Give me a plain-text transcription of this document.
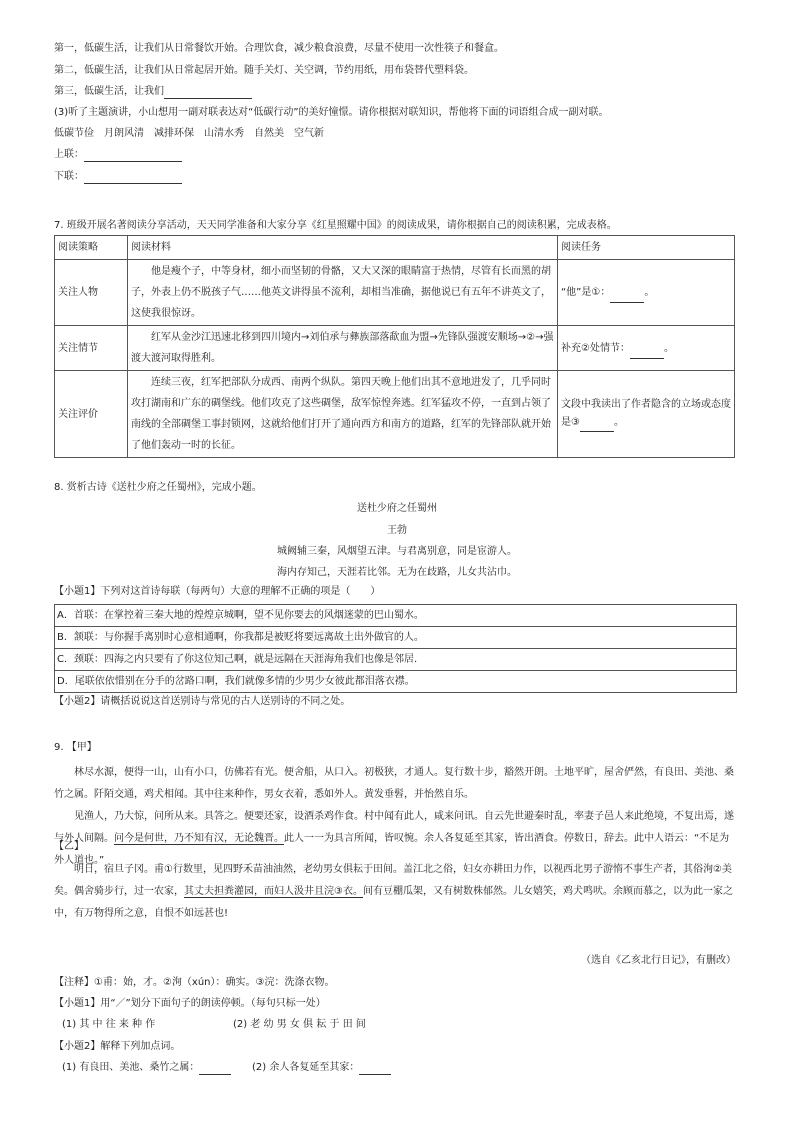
第一，低碳生活，让我们从日常餐饮开始。合理饮食，减少粮食浪费，尽量不使用一次性筷子和餐盒。
第二，低碳生活，让我们从日常起居开始。随手关灯、关空调，节约用纸，用布袋替代塑料袋。
第三，低碳生活，让我们
(3)听了主题演讲，小山想用一副对联表达对“低碳行动”的美好憧憬。请你根据对联知识，帮他将下面的词语组合成一副对联。
低碳节俭　月朗风清　减排环保　山清水秀　自然美　空气新
上联：
下联：
7. 班级开展名著阅读分享活动，天天同学准备和大家分享《红星照耀中国》的阅读成果，请你根据自己的阅读积累，完成表格。
阅读策略	阅读材料	阅读任务
关注人物	他是瘦个子，中等身材，细小而坚韧的骨骼，又大又深的眼睛富于热情，尽管有长而黑的胡子，外表上仍不脱孩子气……他英文讲得虽不流利，却相当准确，据他说已有五年不讲英文了，这使我很惊讶。	“他”是①： 。
关注情节	红军从金沙江迅速北移到四川境内→刘伯承与彝族部落歃血为盟→先锋队强渡安顺场→②→强渡大渡河取得胜利。	补充②处情节： 。
关注评价	连续三夜，红军把部队分成西、南两个纵队。第四天晚上他们出其不意地进发了，几乎同时攻打湖南和广东的碉堡线。他们攻克了这些碉堡，敌军惊惶奔逃。红军猛攻不停，一直到占领了南线的全部碉堡工事封锁网，这就给他们打开了通向西方和南方的道路，红军的先锋部队就开始了他们轰动一时的长征。	文段中我读出了作者隐含的立场或态度是③ 。
8. 赏析古诗《送杜少府之任蜀州》，完成小题。
送杜少府之任蜀州
王勃
城阙辅三秦，风烟望五津。与君离别意，同是宦游人。
海内存知己，天涯若比邻。无为在歧路，儿女共沾巾。
【小题1】下列对这首诗每联（每两句）大意的理解不正确的项是（　　）
A．首联：在掌控着三秦大地的煌煌京城啊，望不见你要去的风烟迷蒙的巴山蜀水。
B．颔联：与你握手离别时心意相通啊，你我都是被贬将要远离故土出外做官的人。
C．颈联：四海之内只要有了你这位知己啊，就是远隔在天涯海角我们也像是邻居.
D．尾联依依惜别在分手的岔路口啊，我们就像多情的少男少女彼此都泪落衣襟。
【小题2】请概括说说这首送别诗与常见的古人送别诗的不同之处。
9. 【甲】
林尽水源，便得一山，山有小口，仿佛若有光。便舍船，从口入。初极狭，才通人。复行数十步，豁然开朗。土地平旷，屋舍俨然，有良田、美池、桑竹之属。阡陌交通，鸡犬相闻。其中往来种作，男女衣着，悉如外人。黄发垂髫，并怡然自乐。
见渔人，乃大惊，问所从来。具答之。便要还家，设酒杀鸡作食。村中闻有此人，咸来问讯。自云先世避秦时乱，率妻子邑人来此绝境，不复出焉，遂与外人间隔。问今是何世，乃不知有汉，无论魏晋。此人一一为具言所闻，皆叹惋。余人各复延至其家，皆出酒食。停数日，辞去。此中人语云：“不足为外人道也。”
【乙】
明日，宿旦子冈。甫①行数里，见四野禾苗油油然，老幼男女俱耘于田间。盖江北之俗，妇女亦耕田力作，以视西北男子游惰不事生产者，其俗洵②美矣。偶舍骑步行，过一农家，其丈夫担粪灌园，而妇人汲井且浣③衣。间有豆棚瓜架，又有树数株郁然。儿女嬉笑，鸡犬鸣吠。余顾而慕之，以为此一家之中，有万物得所之意，自恨不如远甚也!
（选自《乙亥北行日记》，有删改）
【注释】①甫：始，才。②洵（xún）：确实。③浣：洗涤衣物。
【小题1】用“／”划分下面句子的朗读停顿。（每句只标一处）
(1) 其 中 往 来 种 作	(2) 老 幼 男 女 俱 耘 于 田 间
【小题2】解释下列加点词。
(1) 有良田、美池、桑竹之属：	(2) 余人各复延至其家：
